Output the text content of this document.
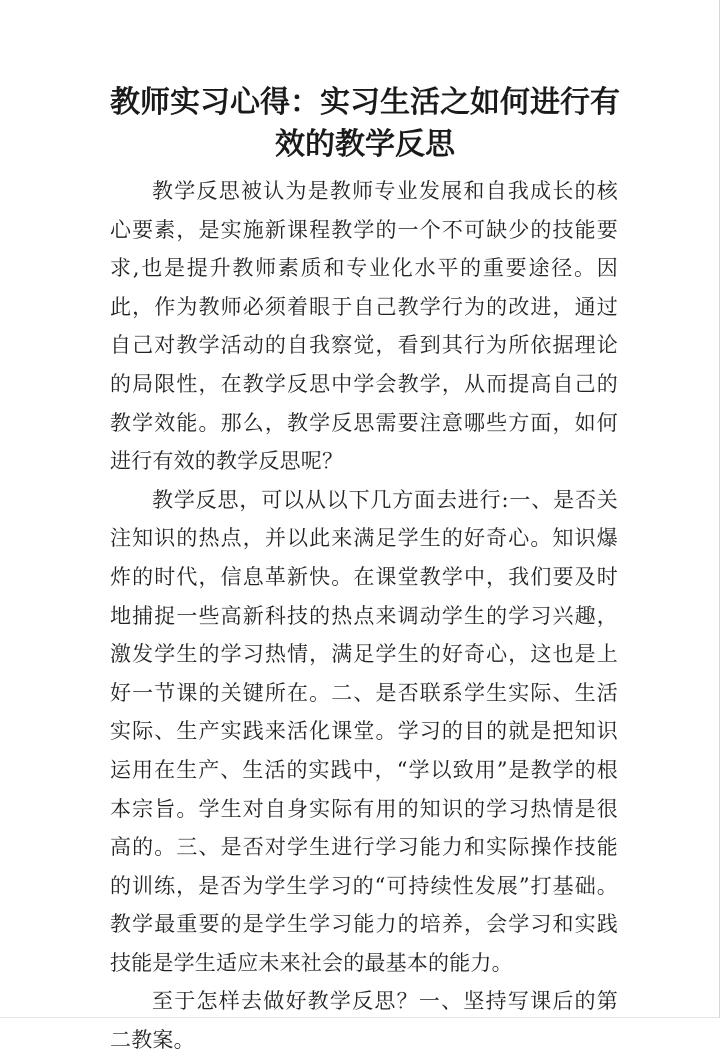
教师实习心得：实习生活之如何进行有效的教学反思

教学反思被认为是教师专业发展和自我成长的核心要素，是实施新课程教学的一个不可缺少的技能要求,也是提升教师素质和专业化水平的重要途径。因此，作为教师必须着眼于自己教学行为的改进，通过自己对教学活动的自我察觉，看到其行为所依据理论的局限性，在教学反思中学会教学，从而提高自己的教学效能。那么，教学反思需要注意哪些方面，如何进行有效的教学反思呢？

教学反思，可以从以下几方面去进行:一、是否关注知识的热点，并以此来满足学生的好奇心。知识爆炸的时代，信息革新快。在课堂教学中，我们要及时地捕捉一些高新科技的热点来调动学生的学习兴趣，激发学生的学习热情，满足学生的好奇心，这也是上好一节课的关键所在。二、是否联系学生实际、生活实际、生产实践来活化课堂。学习的目的就是把知识运用在生产、生活的实践中，“学以致用”是教学的根本宗旨。学生对自身实际有用的知识的学习热情是很高的。三、是否对学生进行学习能力和实际操作技能的训练，是否为学生学习的“可持续性发展”打基础。教学最重要的是学生学习能力的培养，会学习和实践技能是学生适应未来社会的最基本的能力。

至于怎样去做好教学反思？一、坚持写课后的第二教案。
